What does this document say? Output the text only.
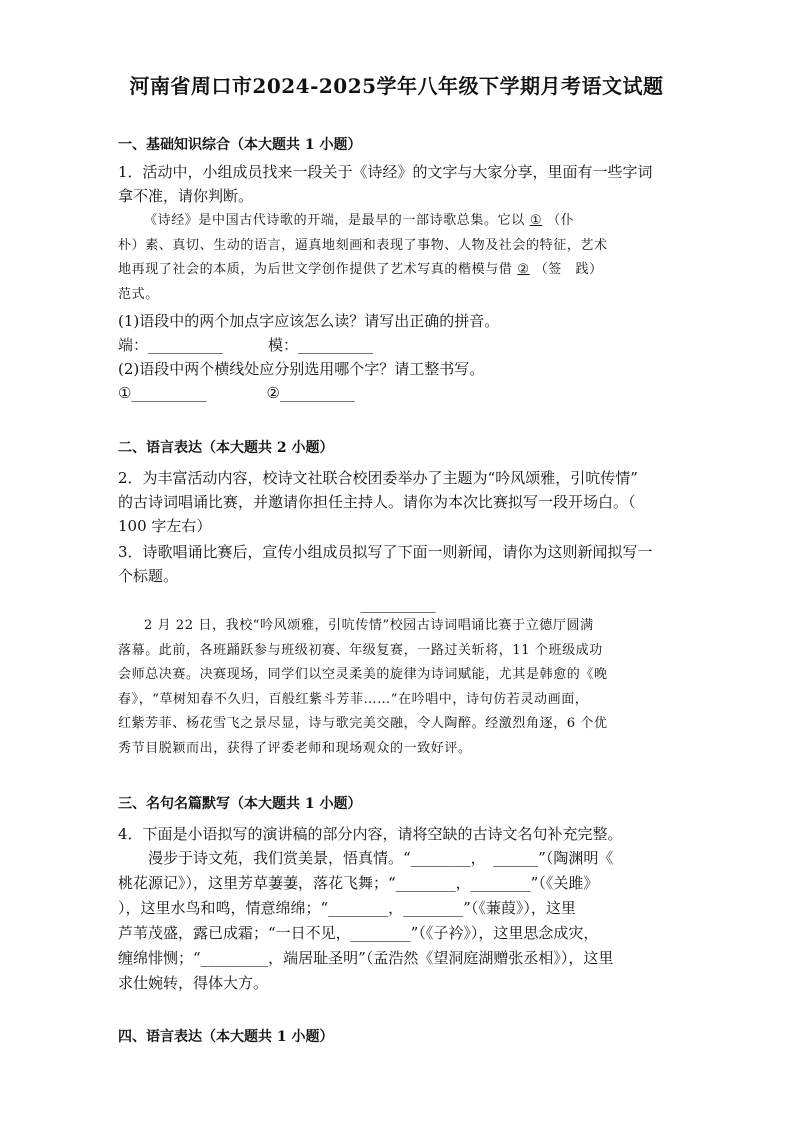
河南省周口市2024-2025学年八年级下学期月考语文试题
一、基础知识综合（本大题共 1 小题）
1．活动中，小组成员找来一段关于《诗经》的文字与大家分享，里面有一些字词
拿不准，请你判断。
《诗经》是中国古代诗歌的开端，是最早的一部诗歌总集。它以 ① （仆
朴）素、真切、生动的语言，逼真地刻画和表现了事物、人物及社会的特征，艺术
地再现了社会的本质，为后世文学创作提供了艺术写真的楷模与借 ② （签　践）
范式。
(1)语段中的两个加点字应该怎么读？请写出正确的拼音。
端：__________　　　模：__________
(2)语段中两个横线处应分别选用哪个字？请工整书写。
①__________　　　　②__________
二、语言表达（本大题共 2 小题）
2．为丰富活动内容，校诗文社联合校团委举办了主题为“吟风颂雅，引吭传情”
的古诗词唱诵比赛，并邀请你担任主持人。请你为本次比赛拟写一段开场白。（
100 字左右）
3．诗歌唱诵比赛后，宣传小组成员拟写了下面一则新闻，请你为这则新闻拟写一
个标题。
__________
2 月 22 日，我校“吟风颂雅，引吭传情”校园古诗词唱诵比赛于立德厅圆满
落幕。此前，各班踊跃参与班级初赛、年级复赛，一路过关斩将，11 个班级成功
会师总决赛。决赛现场，同学们以空灵柔美的旋律为诗词赋能，尤其是韩愈的《晚
春》，“草树知春不久归，百般红紫斗芳菲……”在吟唱中，诗句仿若灵动画面，
红紫芳菲、杨花雪飞之景尽显，诗与歌完美交融，令人陶醉。经激烈角逐，6 个优
秀节目脱颖而出，获得了评委老师和现场观众的一致好评。
三、名句名篇默写（本大题共 1 小题）
4．下面是小语拟写的演讲稿的部分内容，请将空缺的古诗文名句补充完整。
　　漫步于诗文苑，我们赏美景，悟真情。“________，　______”（陶渊明《
桃花源记》），这里芳草萋萋，落花飞舞；“________，________”（《关雎》
），这里水鸟和鸣，情意绵绵；“________，________”（《蒹葭》），这里
芦苇茂盛，露已成霜；“一日不见，________”（《子衿》），这里思念成灾，
缠绵悱恻；“_________，端居耻圣明”（孟浩然《望洞庭湖赠张丞相》），这里
求仕婉转，得体大方。
四、语言表达（本大题共 1 小题）
